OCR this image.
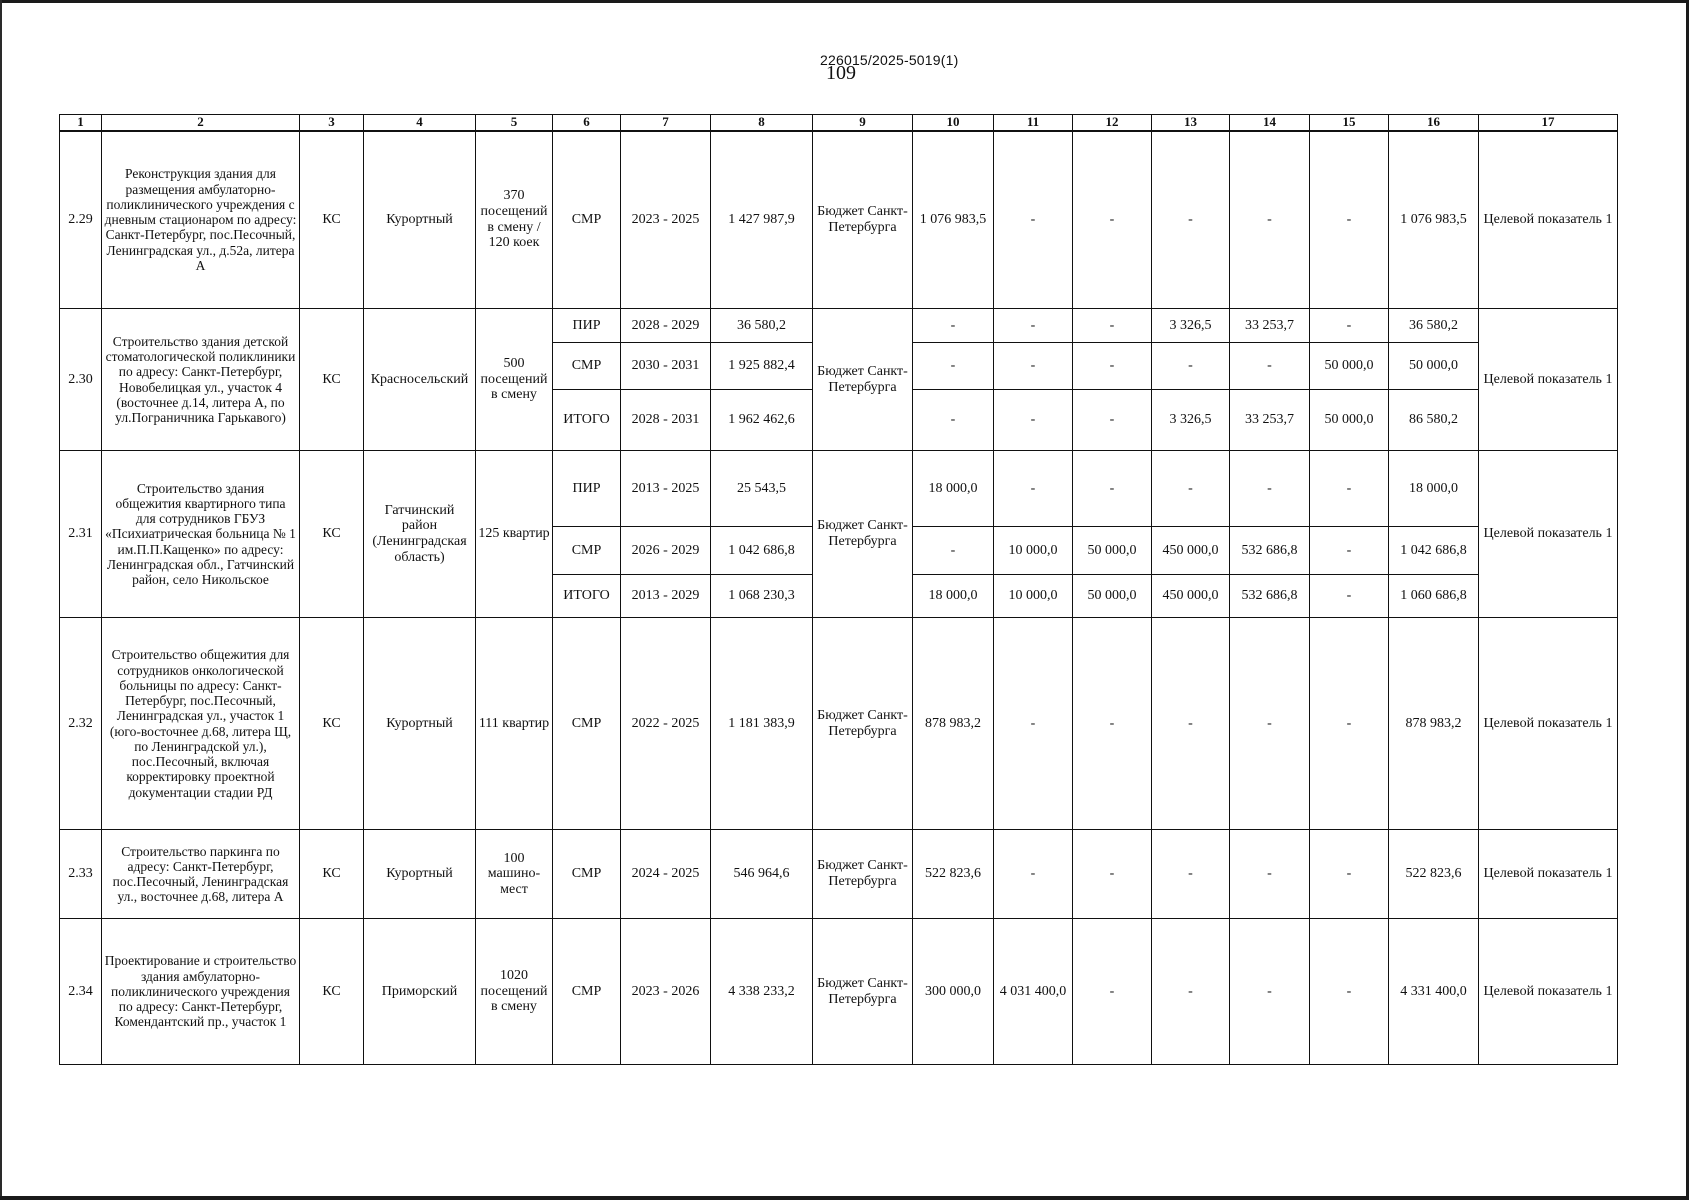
226015/2025-5019(1)
109
1	2	3	4	5	6	7	8	9	10	11	12	13	14	15	16	17
2.29	Реконструкция здания для размещения амбулаторно-поликлинического учреждения с дневным стационаром по адресу: Санкт-Петербург, пос.Песочный, Ленинградская ул., д.52а, литера А	КС	Курортный	370 посещений в смену / 120 коек	СМР	2023 - 2025	1 427 987,9	Бюджет Санкт-Петербурга	1 076 983,5	-	-	-	-	-	1 076 983,5	Целевой показатель 1
2.30	Строительство здания детской стоматологической поликлиники по адресу: Санкт-Петербург, Новобелицкая ул., участок 4 (восточнее д.14, литера А, по ул.Пограничника Гарькавого)	КС	Красносельский	500 посещений в смену	ПИР	2028 - 2029	36 580,2	Бюджет Санкт-Петербурга	-	-	-	3 326,5	33 253,7	-	36 580,2	Целевой показатель 1
					СМР	2030 - 2031	1 925 882,4		-	-	-	-	-	50 000,0	50 000,0	
					ИТОГО	2028 - 2031	1 962 462,6		-	-	-	3 326,5	33 253,7	50 000,0	86 580,2	
2.31	Строительство здания общежития квартирного типа для сотрудников ГБУЗ «Психиатрическая больница № 1 им.П.П.Кащенко» по адресу: Ленинградская обл., Гатчинский район, село Никольское	КС	Гатчинский район (Ленинградская область)	125 квартир	ПИР	2013 - 2025	25 543,5	Бюджет Санкт-Петербурга	18 000,0	-	-	-	-	-	18 000,0	Целевой показатель 1
					СМР	2026 - 2029	1 042 686,8		-	10 000,0	50 000,0	450 000,0	532 686,8	-	1 042 686,8	
					ИТОГО	2013 - 2029	1 068 230,3		18 000,0	10 000,0	50 000,0	450 000,0	532 686,8	-	1 060 686,8	
2.32	Строительство общежития для сотрудников онкологической больницы по адресу: Санкт-Петербург, пос.Песочный, Ленинградская ул., участок 1 (юго-восточнее д.68, литера Щ, по Ленинградской ул.), пос.Песочный, включая корректировку проектной документации стадии РД	КС	Курортный	111 квартир	СМР	2022 - 2025	1 181 383,9	Бюджет Санкт-Петербурга	878 983,2	-	-	-	-	-	878 983,2	Целевой показатель 1
2.33	Строительство паркинга по адресу: Санкт-Петербург, пос.Песочный, Ленинградская ул., восточнее д.68, литера А	КС	Курортный	100 машино-мест	СМР	2024 - 2025	546 964,6	Бюджет Санкт-Петербурга	522 823,6	-	-	-	-	-	522 823,6	Целевой показатель 1
2.34	Проектирование и строительство здания амбулаторно-поликлинического учреждения по адресу: Санкт-Петербург, Комендантский пр., участок 1	КС	Приморский	1020 посещений в смену	СМР	2023 - 2026	4 338 233,2	Бюджет Санкт-Петербурга	300 000,0	4 031 400,0	-	-	-	-	4 331 400,0	Целевой показатель 1
